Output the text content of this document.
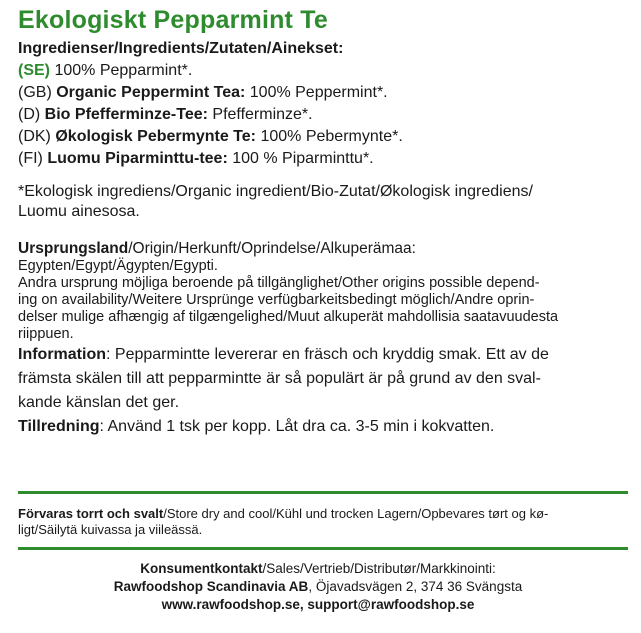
Ekologiskt Pepparmint Te
Ingredienser/Ingredients/Zutaten/Ainekset:
(SE) 100% Pepparmint*.
(GB) Organic Peppermint Tea: 100% Peppermint*.
(D) Bio Pfefferminze-Tee: Pfefferminze*.
(DK) Økologisk Pebermynte Te: 100% Pebermynte*.
(FI) Luomu Piparminttu-tee: 100 % Piparminttu*.
*Ekologisk ingrediens/Organic ingredient/Bio-Zutat/Økologisk ingrediens/
Luomu ainesosa.
Ursprungsland/Origin/Herkunft/Oprindelse/Alkuperämaa:
Egypten/Egypt/Ägypten/Egypti.
Andra ursprung möjliga beroende på tillgänglighet/Other origins possible depend-
ing on availability/Weitere Ursprünge verfügbarkeitsbedingt möglich/Andre oprin-
delser mulige afhængig af tilgængelighed/Muut alkuperät mahdollisia saatavuudesta
riippuen.
Information: Pepparmintte levererar en fräsch och kryddig smak. Ett av de
främsta skälen till att pepparmintte är så populärt är på grund av den sval-
kande känslan det ger.
Tillredning: Använd 1 tsk per kopp. Låt dra ca. 3-5 min i kokvatten.
Förvaras torrt och svalt/Store dry and cool/Kühl und trocken Lagern/Opbevares tørt og kø-
ligt/Säilytä kuivassa ja viileässä.
Konsumentkontakt/Sales/Vertrieb/Distributør/Markkinointi:
Rawfoodshop Scandinavia AB, Öjavadsvägen 2, 374 36 Svängsta
www.rawfoodshop.se, support@rawfoodshop.se
